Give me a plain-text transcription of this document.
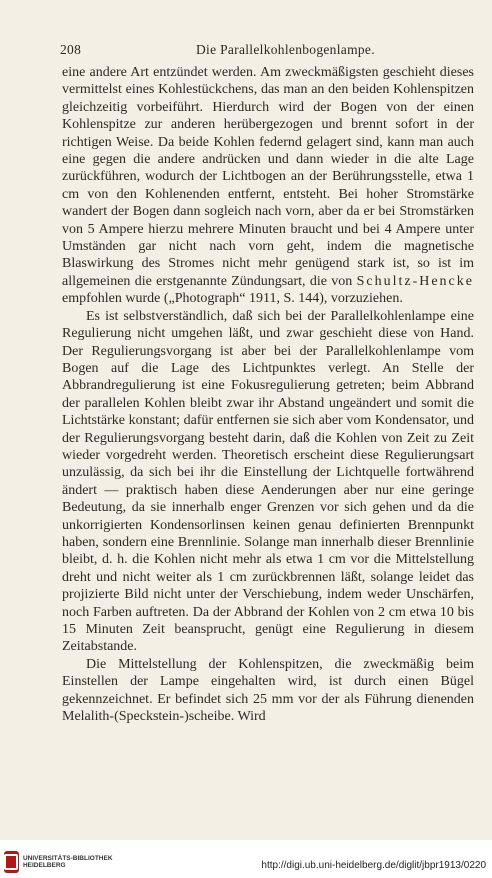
208	Die Parallelkohlenbogenlampe.

eine andere Art entzündet werden. Am zweckmäßigsten geschieht dieses vermittelst eines Kohlestückchens, das man an den beiden Kohlenspitzen gleichzeitig vorbeiführt. Hierdurch wird der Bogen von der einen Kohlenspitze zur anderen herübergezogen und brennt sofort in der richtigen Weise. Da beide Kohlen federnd gelagert sind, kann man auch eine gegen die andere andrücken und dann wieder in die alte Lage zurückführen, wodurch der Lichtbogen an der Berührungsstelle, etwa 1 cm von den Kohlenenden entfernt, entsteht. Bei hoher Stromstärke wandert der Bogen dann sogleich nach vorn, aber da er bei Stromstärken von 5 Ampere hierzu mehrere Minuten braucht und bei 4 Ampere unter Umständen gar nicht nach vorn geht, indem die magnetische Blaswirkung des Stromes nicht mehr genügend stark ist, so ist im allgemeinen die erstgenannte Zündungsart, die von Schultz-Hencke empfohlen wurde („Photograph“ 1911, S. 144), vorzuziehen.

Es ist selbstverständlich, daß sich bei der Parallelkohlenlampe eine Regulierung nicht umgehen läßt, und zwar geschieht diese von Hand. Der Regulierungsvorgang ist aber bei der Parallelkohlenlampe vom Bogen auf die Lage des Lichtpunktes verlegt. An Stelle der Abbrandregulierung ist eine Fokusregulierung getreten; beim Abbrand der parallelen Kohlen bleibt zwar ihr Abstand ungeändert und somit die Lichtstärke konstant; dafür entfernen sie sich aber vom Kondensator, und der Regulierungsvorgang besteht darin, daß die Kohlen von Zeit zu Zeit wieder vorgedreht werden. Theoretisch erscheint diese Regulierungsart unzulässig, da sich bei ihr die Einstellung der Lichtquelle fortwährend ändert — praktisch haben diese Aenderungen aber nur eine geringe Bedeutung, da sie innerhalb enger Grenzen vor sich gehen und da die unkorrigierten Kondensorlinsen keinen genau definierten Brennpunkt haben, sondern eine Brennlinie. Solange man innerhalb dieser Brennlinie bleibt, d. h. die Kohlen nicht mehr als etwa 1 cm vor die Mittelstellung dreht und nicht weiter als 1 cm zurückbrennen läßt, solange leidet das projizierte Bild nicht unter der Verschiebung, indem weder Unschärfen, noch Farben auftreten. Da der Abbrand der Kohlen von 2 cm etwa 10 bis 15 Minuten Zeit beansprucht, genügt eine Regulierung in diesem Zeitabstande.

Die Mittelstellung der Kohlenspitzen, die zweckmäßig beim Einstellen der Lampe eingehalten wird, ist durch einen Bügel gekennzeichnet. Er befindet sich 25 mm vor der als Führung dienenden Melalith-(Speckstein-)scheibe. Wird

UNIVERSITÄTS-BIBLIOTHEK HEIDELBERG	http://digi.ub.uni-heidelberg.de/diglit/jbpr1913/0220
